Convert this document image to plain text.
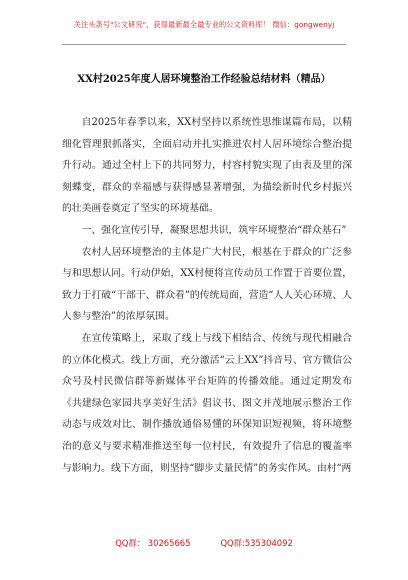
关注头条号"公文研究"，获得最新最全最专业的公文资料库！ 微信：gongwenyj
XX村2025年度人居环境整治工作经验总结材料（精品）

自2025年春季以来，XX村坚持以系统性思维谋篇布局，以精细化管理狠抓落实，全面启动并扎实推进农村人居环境综合整治提升行动。通过全村上下的共同努力，村容村貌实现了由表及里的深刻蝶变，群众的幸福感与获得感显著增强，为描绘新时代乡村振兴的壮美画卷奠定了坚实的环境基础。

一、强化宣传引导，凝聚思想共识，筑牢环境整治“群众基石”

农村人居环境整治的主体是广大村民，根基在于群众的广泛参与和思想认同。行动伊始，XX村便将宣传动员工作置于首要位置，致力于打破“干部干、群众看”的传统局面，营造“人人关心环境、人人参与整治”的浓厚氛围。

在宣传策略上，采取了线上与线下相结合、传统与现代相融合的立体化模式。线上方面，充分激活“云上XX”抖音号、官方微信公众号及村民微信群等新媒体平台矩阵的传播效能。通过定期发布《共建绿色家园共享美好生活》倡议书、图文并茂地展示整治工作动态与成效对比、制作播放通俗易懂的环保知识短视频，将环境整治的意义与要求精准推送至每一位村民，有效提升了信息的覆盖率与影响力。线下方面，则坚持“脚步丈量民情”的务实作风。由村“两

QQ群： 30265665	QQ群:535304092
